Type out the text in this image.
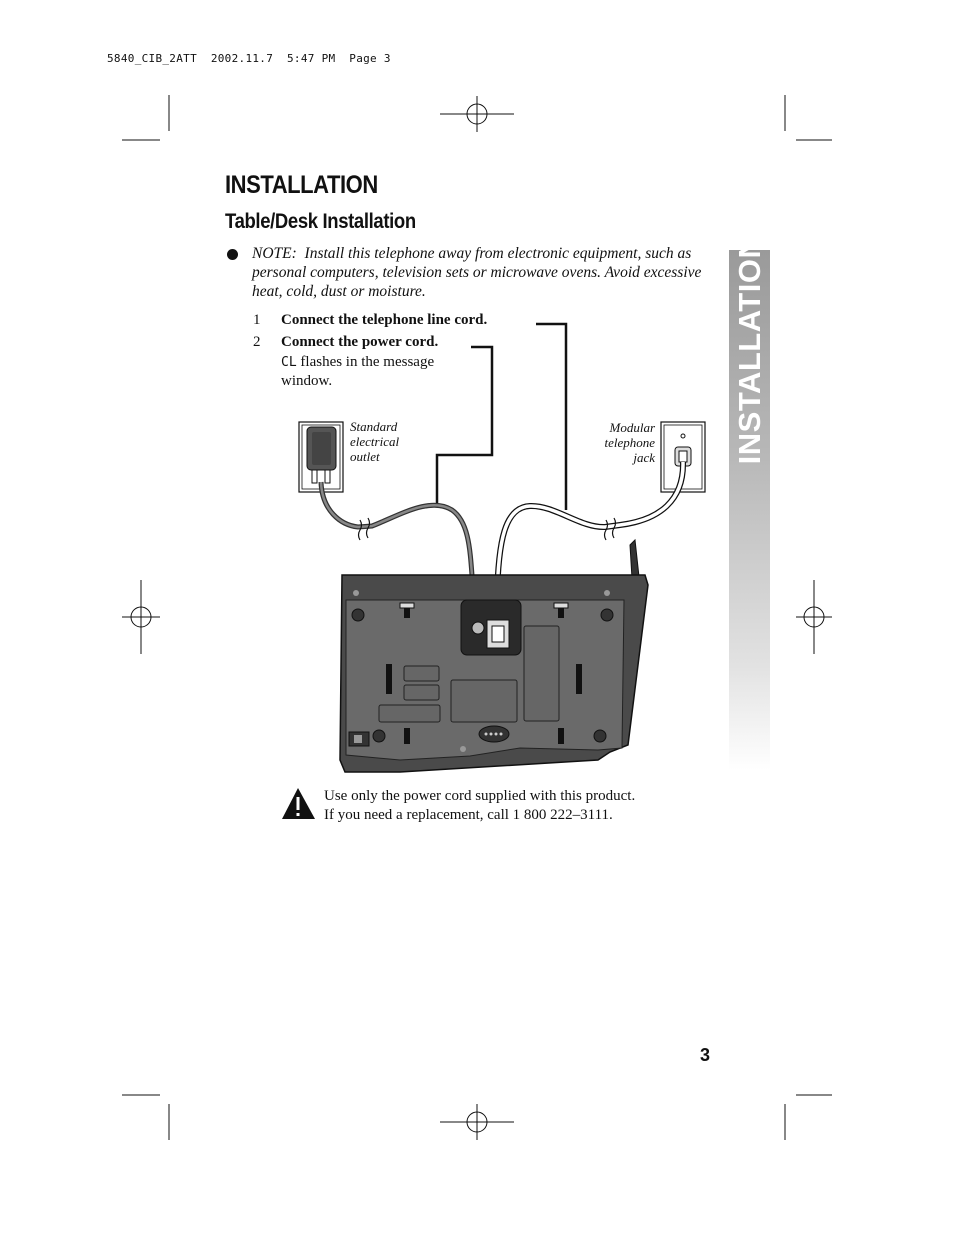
5840_CIB_2ATT  2002.11.7  5:47 PM  Page 3
INSTALLATION
Table/Desk Installation
NOTE: Install this telephone away from electronic equipment, such as personal computers, television sets or microwave ovens. Avoid excessive heat, cold, dust or moisture.
1 Connect the telephone line cord.
2 Connect the power cord.
CL flashes in the message window.
Standard electrical outlet
Modular telephone jack
Use only the power cord supplied with this product.
If you need a replacement, call 1 800 222–3111.
INSTALLATION
3
